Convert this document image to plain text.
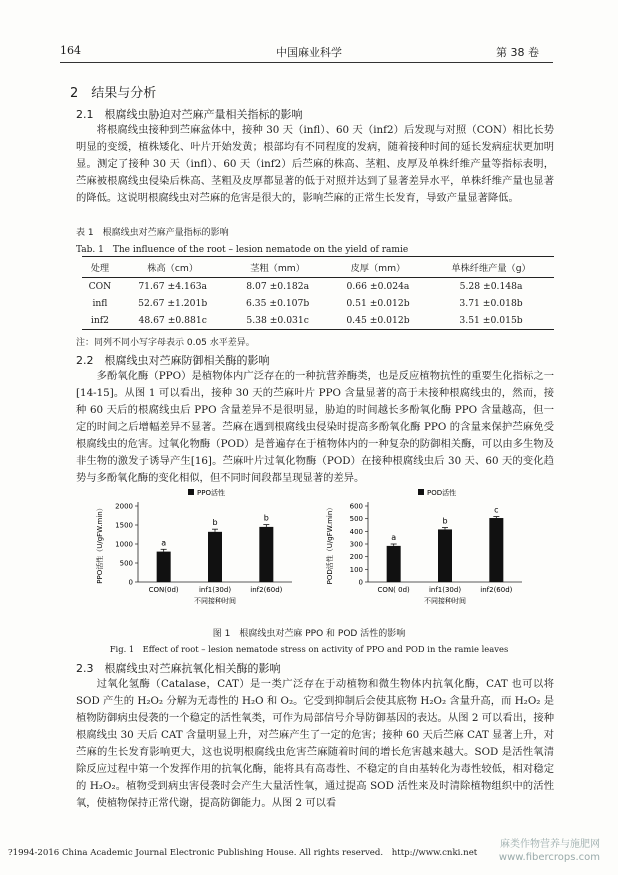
164	中国麻业科学	第 38 卷
2　结果与分析
2.1　根腐线虫胁迫对苎麻产量相关指标的影响

将根腐线虫接种到苎麻盆体中，接种 30 天（infl）、60 天（inf2）后发现与对照（CON）相比长势明显的变缓，植株矮化、叶片开始发黄；根部均有不同程度的发病，随着接种时间的延长发病症状更加明显。测定了接种 30 天（infl）、60 天（inf2）后苎麻的株高、茎粗、皮厚及单株纤维产量等指标表明，苎麻被根腐线虫侵染后株高、茎粗及皮厚都显著的低于对照并达到了显著差异水平，单株纤维产量也显著的降低。这说明根腐线虫对苎麻的危害是很大的，影响苎麻的正常生长发育，导致产量显著降低。

表 1　根腐线虫对苎麻产量指标的影响
Tab. 1　The influence of the root – lesion nematode on the yield of ramie
处理	株高（cm）	茎粗（mm）	皮厚（mm）	单株纤维产量（g）
CON	71.67 ±4.163a	8.07 ±0.182a	0.66 ±0.024a	5.28 ±0.148a
infl	52.67 ±1.201b	6.35 ±0.107b	0.51 ±0.012b	3.71 ±0.018b
inf2	48.67 ±0.881c	5.38 ±0.031c	0.45 ±0.012b	3.51 ±0.015b
注：同列不同小写字母表示 0.05 水平差异。
2.2　根腐线虫对苎麻防御相关酶的影响

多酚氧化酶（PPO）是植物体内广泛存在的一种抗营养酶类，也是反应植物抗性的重要生化指标之一[14-15]。从图 1 可以看出，接种 30 天的苎麻叶片 PPO 含量显著的高于未接种根腐线虫的，然而，接种 60 天后的根腐线虫后 PPO 含量差异不是很明显，胁迫的时间越长多酚氧化酶 PPO 含量越高，但一定的时间之后增幅差异不显著。苎麻在遇到根腐线虫侵染时提高多酚氧化酶 PPO 的含量来保护苎麻免受根腐线虫的危害。过氧化物酶（POD）是普遍存在于植物体内的一种复杂的防御相关酶，可以由多生物及非生物的激发子诱导产生[16]。苎麻叶片过氧化物酶（POD）在接种根腐线虫后 30 天、60 天的变化趋势与多酚氧化酶的变化相似，但不同时间段都呈现显著的差异。

PPO活性
0
500
1000
1500
2000
PPO活性（U/gFW.min）	a
CON(0d)
b
inf1(30d)
b
inf2(60d)
不同接种时间
POD活性
0
100
200
300
400
500
600
POD活性（U/gFW.min）	a
CON( 0d)
b
inf1(30d)
c
inf2(60d)
不同接种时间
图 1　根腐线虫对苎麻 PPO 和 POD 活性的影响
Fig. 1　Effect of root – lesion nematode stress on activity of PPO and POD in the ramie leaves
2.3　根腐线虫对苎麻抗氧化相关酶的影响

过氧化氢酶（Catalase，CAT）是一类广泛存在于动植物和微生物体内抗氧化酶，CAT 也可以将 SOD 产生的 H₂O₂ 分解为无毒性的 H₂O 和 O₂。它受到抑制后会使其底物 H₂O₂ 含量升高，而 H₂O₂ 是植物防御病虫侵袭的一个稳定的活性氧类，可作为局部信号介导防御基因的表达。从图 2 可以看出，接种根腐线虫 30 天后 CAT 含量明显上升，对苎麻产生了一定的危害；接种 60 天后苎麻 CAT 显著上升，对苎麻的生长发育影响更大，这也说明根腐线虫危害苎麻随着时间的增长危害越来越大。SOD 是活性氧清除反应过程中第一个发挥作用的抗氧化酶，能将具有高毒性、不稳定的自由基转化为毒性较低，相对稳定的 H₂O₂。植物受到病虫害侵袭时会产生大量活性氧，通过提高 SOD 活性来及时清除植物组织中的活性氧，使植物保持正常代谢，提高防御能力。从图 2 可以看

?1994-2016 China Academic Journal Electronic Publishing House. All rights reserved.　http://www.cnki.net
麻类作物营养与施肥网
www.fibercrops.com
